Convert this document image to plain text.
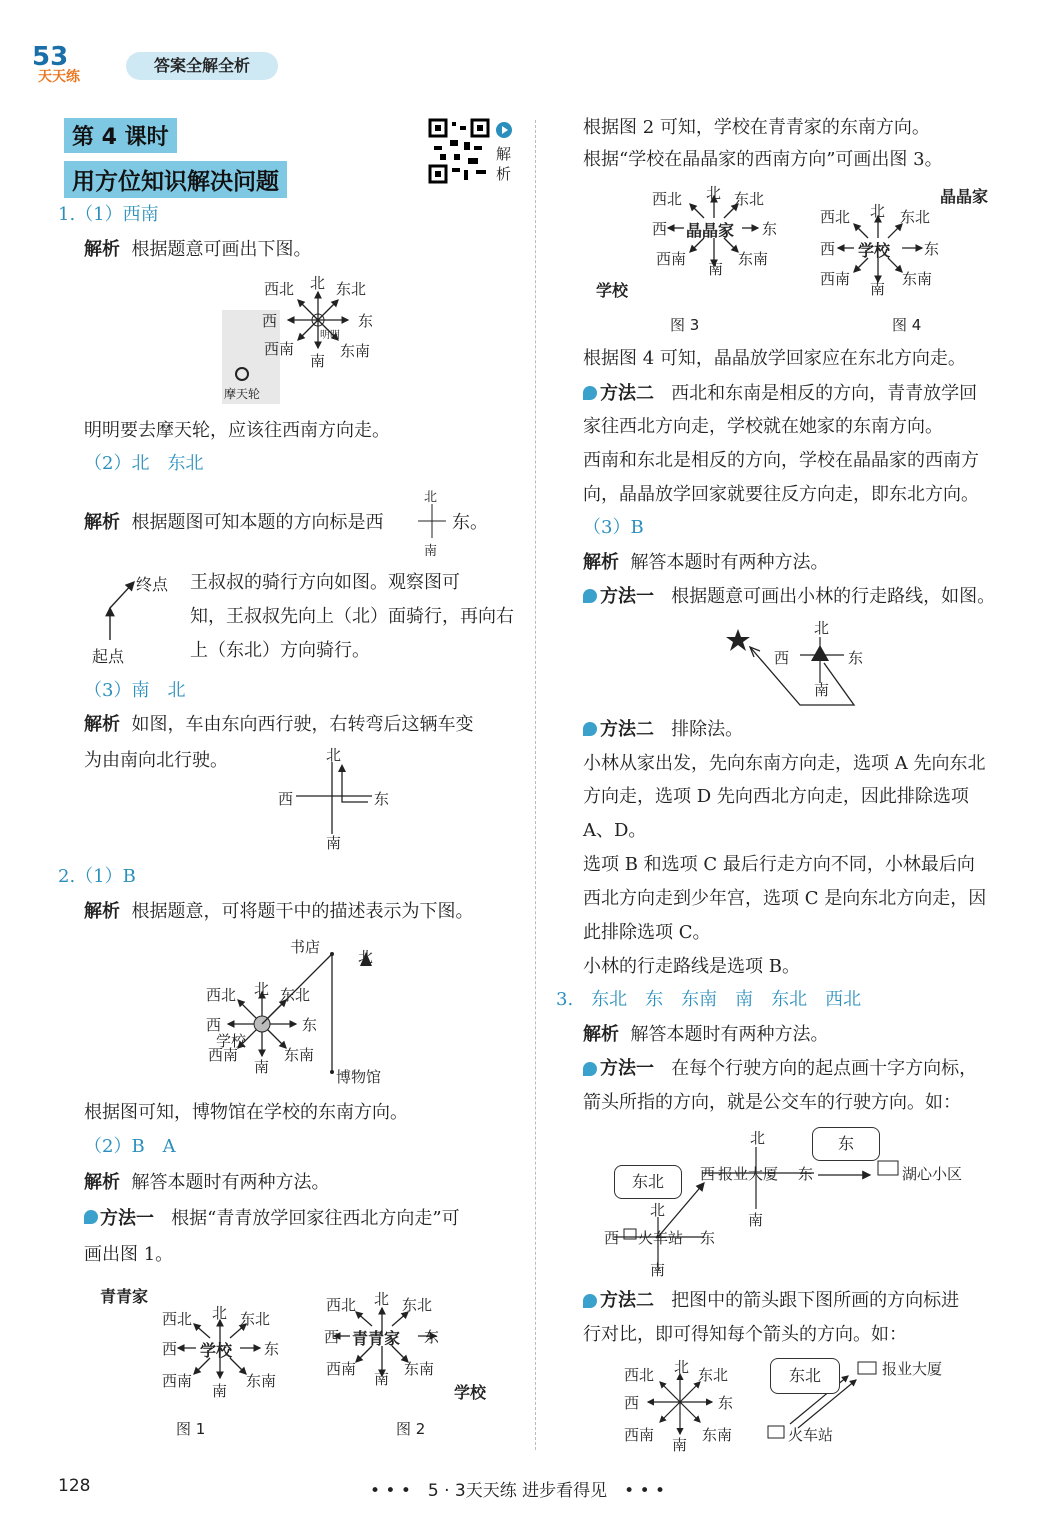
53
天天练
答案全解全析
第 4 课时
用方位知识解决问题
解析
1.（1）西南
解析 根据题意可画出下图。
西北 北 东北
西	东
西南
南
东南
明明
摩天轮
明明要去摩天轮，应该往西南方向走。
（2）北　东北
解析 根据题图可知本题的方向标是西
北
南
东。
终点
起点
王叔叔的骑行方向如图。观察图可
知，王叔叔先向上（北）面骑行，再向右
上（东北）方向骑行。
（3）南　北
解析 如图，车由东向西行驶，右转弯后这辆车变
为由南向北行驶。	北
南
西	东
2.（1）B
解析 根据题意，可将题干中的描述表示为下图。
书店
北
西北 北 东北
西	东
学校
西南
南
东南
博物馆
根据图可知，博物馆在学校的东南方向。
（2）B　A
解析 解答本题时有两种方法。
方法一 根据“青青放学回家往西北方向走”可
画出图 1。
青青家
西北 北 东北
西 学校 东
西南
南
东南
图 1
西北 北 东北
西 青青家 东
西南
南
东南
学校
图 2
根据图 2 可知，学校在青青家的东南方向。
根据“学校在晶晶家的西南方向”可画出图 3。
西北 北 东北
西 晶晶家 东
西南
南
东南
学校
图 3
晶晶家
西北 北 东北
西 学校 东
西南
南
东南
图 4
根据图 4 可知，晶晶放学回家应在东北方向走。
方法二 西北和东南是相反的方向，青青放学回
家往西北方向走，学校就在她家的东南方向。
西南和东北是相反的方向，学校在晶晶家的西南方
向，晶晶放学回家就要往反方向走，即东北方向。
（3）B
解析 解答本题时有两种方法。
方法一 根据题意可画出小林的行走路线，如图。
北
西	东
南
方法二 排除法。
小林从家出发，先向东南方向走，选项 A 先向东北
方向走，选项 D 先向西北方向走，因此排除选项
A、D。
选项 B 和选项 C 最后行走方向不同，小林最后向
西北方向走到少年宫，选项 C 是向东北方向走，因
此排除选项 C。
小林的行走路线是选项 B。
3.　东北　东　东南　南　东北　西北
解析 解答本题时有两种方法。
方法一 在每个行驶方向的起点画十字方向标，
箭头所指的方向，就是公交车的行驶方向。如：
东
东北
北
西 报业大厦 东
南
湖心小区
北
西 火车站 东
南
方法二 把图中的箭头跟下图所画的方向标进
行对比，即可得知每个箭头的方向。如：
东北
西北 北 东北
西	东
西南
南
东南
报业大厦
火车站
128	• • •　5 · 3天天练 进步看得见　• • •
